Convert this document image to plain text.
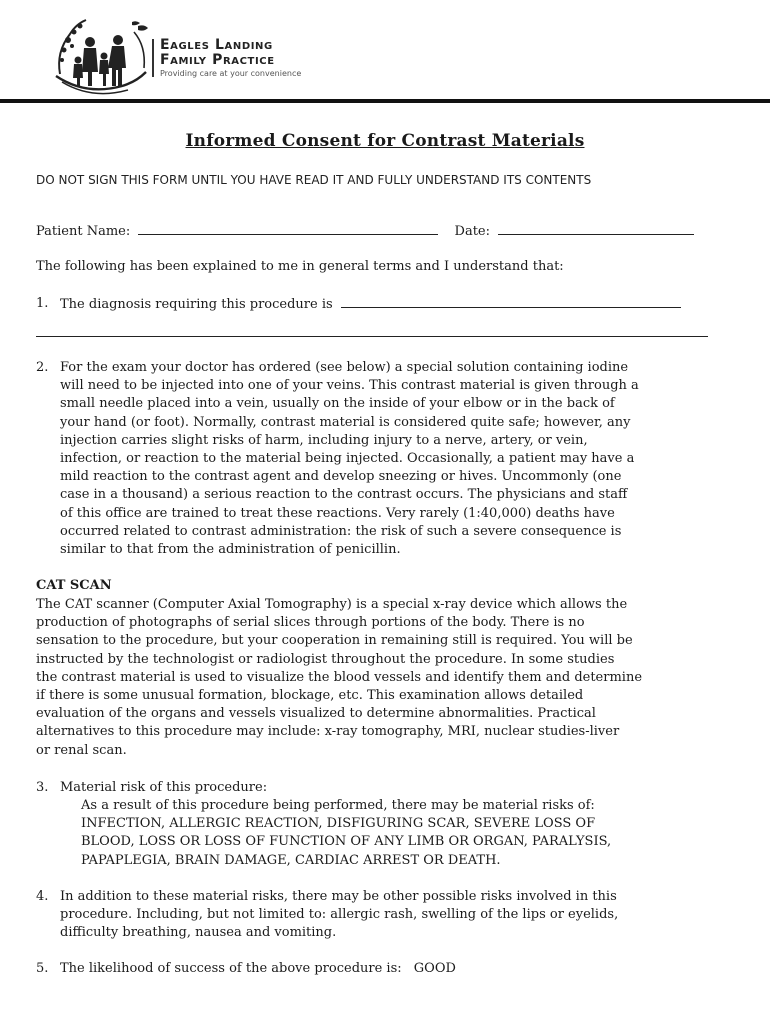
Eagles Landing
Family Practice
Providing care at your convenience
Informed Consent for Contrast Materials
DO NOT SIGN THIS FORM UNTIL YOU HAVE READ IT AND FULLY UNDERSTAND ITS CONTENTS
Patient Name:	Date:
The following has been explained to me in general terms and I understand that:
1. The diagnosis requiring this procedure is
2. For the exam your doctor has ordered (see below) a special solution containing iodine
will need to be injected into one of your veins. This contrast material is given through a
small needle placed into a vein, usually on the inside of your elbow or in the back of
your hand (or foot). Normally, contrast material is considered quite safe; however, any
injection carries slight risks of harm, including injury to a nerve, artery, or vein,
infection, or reaction to the material being injected. Occasionally, a patient may have a
mild reaction to the contrast agent and develop sneezing or hives. Uncommonly (one
case in a thousand) a serious reaction to the contrast occurs. The physicians and staff
of this office are trained to treat these reactions. Very rarely (1:40,000) deaths have
occurred related to contrast administration: the risk of such a severe consequence is
similar to that from the administration of penicillin.
CAT SCAN
The CAT scanner (Computer Axial Tomography) is a special x-ray device which allows the
production of photographs of serial slices through portions of the body. There is no
sensation to the procedure, but your cooperation in remaining still is required. You will be
instructed by the technologist or radiologist throughout the procedure. In some studies
the contrast material is used to visualize the blood vessels and identify them and determine
if there is some unusual formation, blockage, etc. This examination allows detailed
evaluation of the organs and vessels visualized to determine abnormalities. Practical
alternatives to this procedure may include: x-ray tomography, MRI, nuclear studies-liver
or renal scan.
3. Material risk of this procedure:
As a result of this procedure being performed, there may be material risks of:
INFECTION, ALLERGIC REACTION, DISFIGURING SCAR, SEVERE LOSS OF
BLOOD, LOSS OR LOSS OF FUNCTION OF ANY LIMB OR ORGAN, PARALYSIS,
PAPAPLEGIA, BRAIN DAMAGE, CARDIAC ARREST OR DEATH.
4. In addition to these material risks, there may be other possible risks involved in this
procedure. Including, but not limited to: allergic rash, swelling of the lips or eyelids,
difficulty breathing, nausea and vomiting.
5. The likelihood of success of the above procedure is: GOOD
